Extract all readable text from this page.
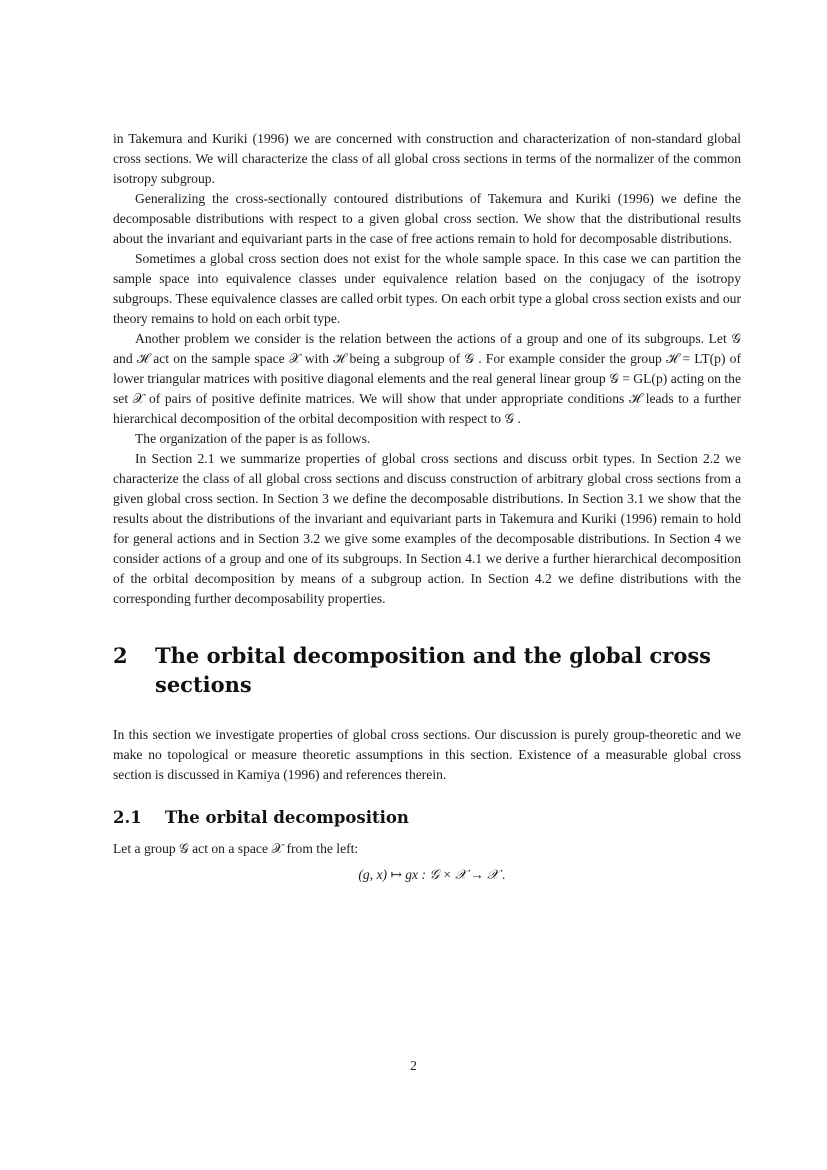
in Takemura and Kuriki (1996) we are concerned with construction and characterization of non-standard global cross sections. We will characterize the class of all global cross sections in terms of the normalizer of the common isotropy subgroup.

Generalizing the cross-sectionally contoured distributions of Takemura and Kuriki (1996) we define the decomposable distributions with respect to a given global cross section. We show that the distributional results about the invariant and equivariant parts in the case of free actions remain to hold for decomposable distributions.

Sometimes a global cross section does not exist for the whole sample space. In this case we can partition the sample space into equivalence classes under equivalence relation based on the conjugacy of the isotropy subgroups. These equivalence classes are called orbit types. On each orbit type a global cross section exists and our theory remains to hold on each orbit type.

Another problem we consider is the relation between the actions of a group and one of its subgroups. Let 𝒢 and ℋ act on the sample space 𝒳 with ℋ being a subgroup of 𝒢 . For example consider the group ℋ = LT(p) of lower triangular matrices with positive diagonal elements and the real general linear group 𝒢 = GL(p) acting on the set 𝒳 of pairs of positive definite matrices. We will show that under appropriate conditions ℋ leads to a further hierarchical decomposition of the orbital decomposition with respect to 𝒢 .

The organization of the paper is as follows.

In Section 2.1 we summarize properties of global cross sections and discuss orbit types. In Section 2.2 we characterize the class of all global cross sections and discuss construction of arbitrary global cross sections from a given global cross section. In Section 3 we define the decomposable distributions. In Section 3.1 we show that the results about the distributions of the invariant and equivariant parts in Takemura and Kuriki (1996) remain to hold for general actions and in Section 3.2 we give some examples of the decomposable distributions. In Section 4 we consider actions of a group and one of its subgroups. In Section 4.1 we derive a further hierarchical decomposition of the orbital decomposition by means of a subgroup action. In Section 4.2 we define distributions with the corresponding further decomposability properties.

2	The orbital decomposition and the global cross sections

In this section we investigate properties of global cross sections. Our discussion is purely group-theoretic and we make no topological or measure theoretic assumptions in this section. Existence of a measurable global cross section is discussed in Kamiya (1996) and references therein.

2.1	The orbital decomposition

Let a group 𝒢 act on a space 𝒳 from the left:

(g, x) ↦ gx : 𝒢 × 𝒳 → 𝒳 .
2
